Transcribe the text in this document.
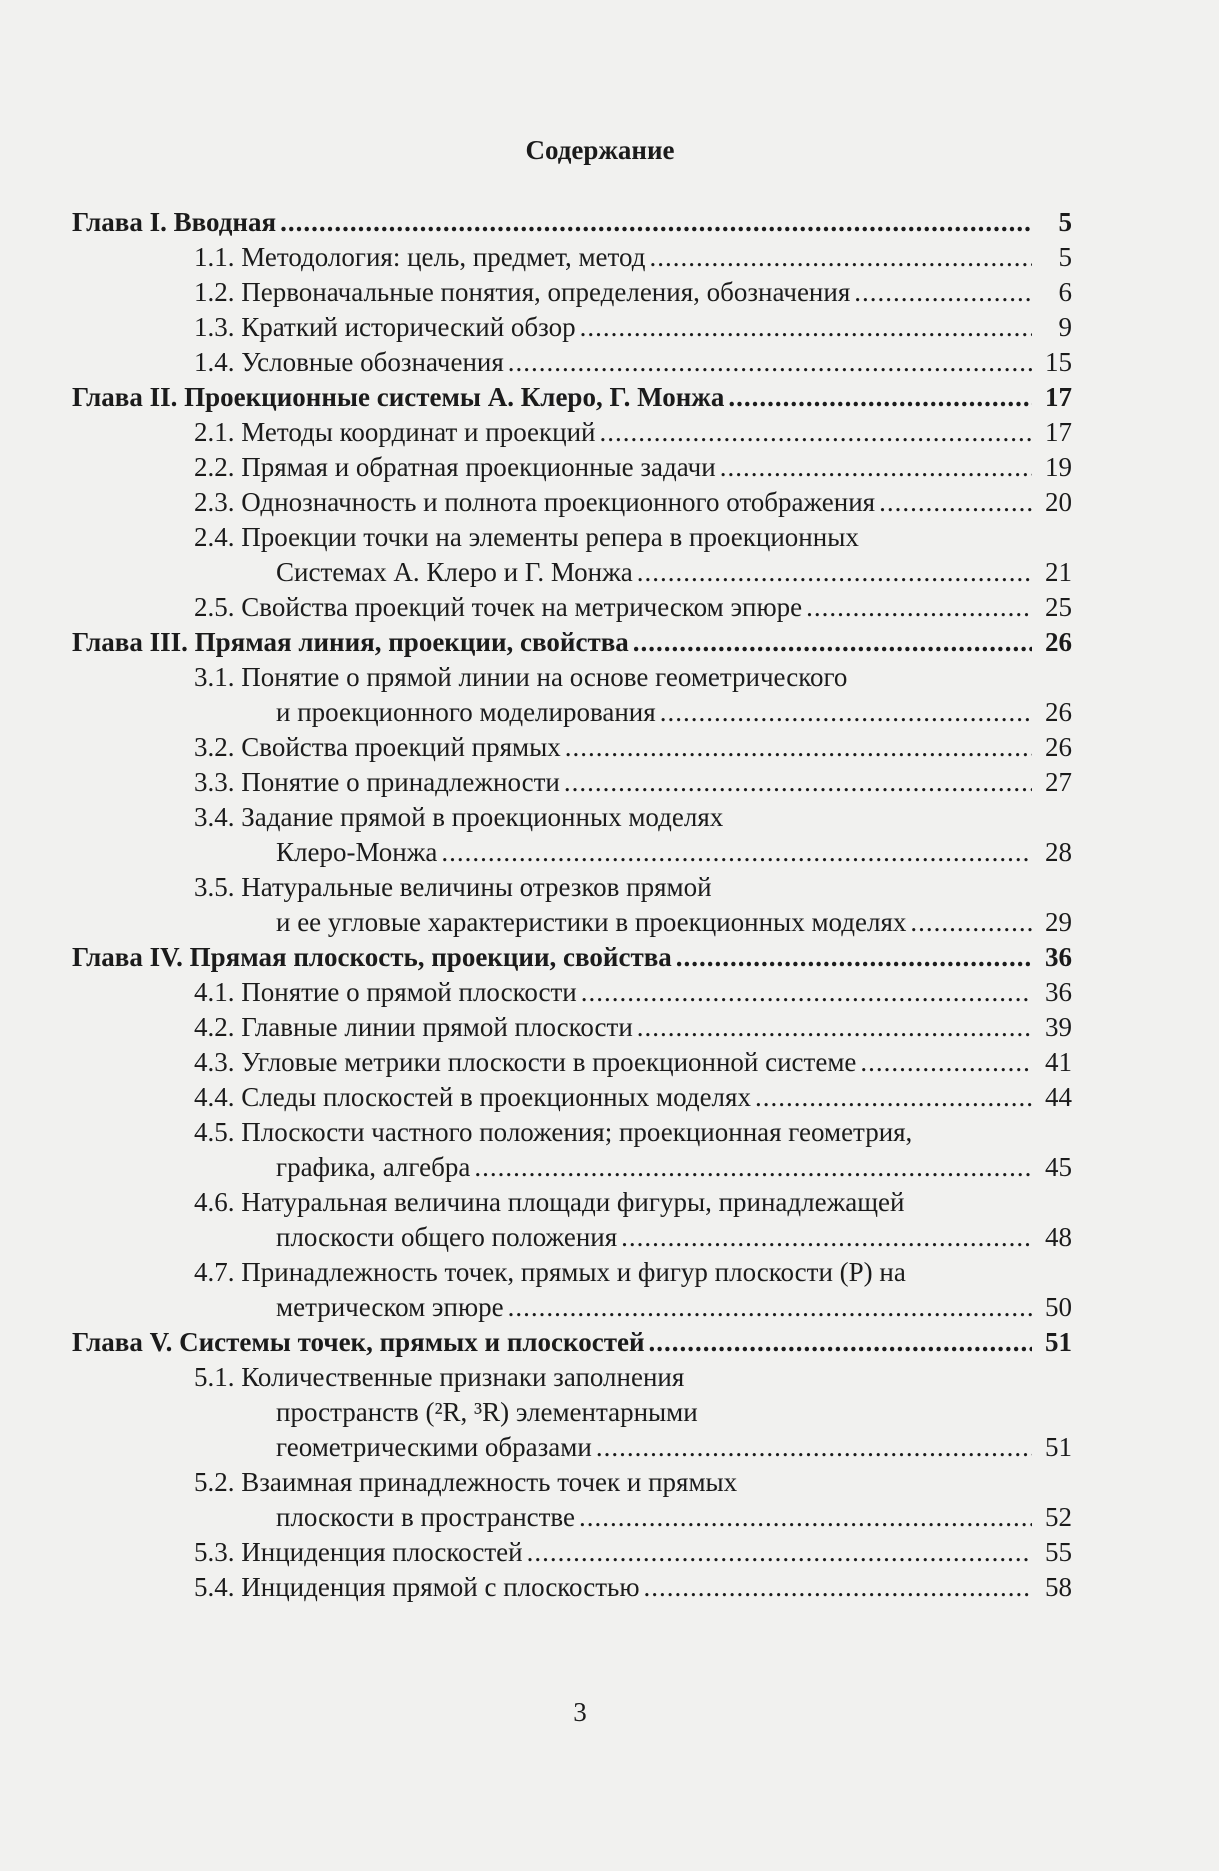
Содержание
Глава I. Вводная .....	5
1.1. Методология: цель, предмет, метод .....	5
1.2. Первоначальные понятия, определения, обозначения .....	6
1.3. Краткий исторический обзор .....	9
1.4. Условные обозначения .....	15
Глава II. Проекционные системы А. Клеро, Г. Монжа .....	17
2.1. Методы координат и проекций .....	17
2.2. Прямая и обратная проекционные задачи .....	19
2.3. Однозначность и полнота проекционного отображения .....	20
2.4. Проекции точки на элементы репера в проекционных
Системах А. Клеро и Г. Монжа .....	21
2.5. Свойства проекций точек на метрическом эпюре .....	25
Глава III. Прямая линия, проекции, свойства .....	26
3.1. Понятие о прямой линии на основе геометрического
и проекционного моделирования .....	26
3.2. Свойства проекций прямых .....	26
3.3. Понятие о принадлежности .....	27
3.4. Задание прямой в проекционных моделях
Клеро-Монжа .....	28
3.5. Натуральные величины отрезков прямой
и ее угловые характеристики в проекционных моделях .....	29
Глава IV. Прямая плоскость, проекции, свойства .....	36
4.1. Понятие о прямой плоскости .....	36
4.2. Главные линии прямой плоскости .....	39
4.3. Угловые метрики плоскости в проекционной системе .....	41
4.4. Следы плоскостей в проекционных моделях .....	44
4.5. Плоскости частного положения; проекционная геометрия,
графика, алгебра .....	45
4.6. Натуральная величина площади фигуры, принадлежащей
плоскости общего положения .....	48
4.7. Принадлежность точек, прямых и фигур плоскости (P) на
метрическом эпюре .....	50
Глава V. Системы точек, прямых и плоскостей .....	51
5.1. Количественные признаки заполнения
пространств (²R, ³R) элементарными
геометрическими образами .....	51
5.2. Взаимная принадлежность точек и прямых
плоскости в пространстве .....	52
5.3. Инциденция плоскостей .....	55
5.4. Инциденция прямой с плоскостью .....	58
3
